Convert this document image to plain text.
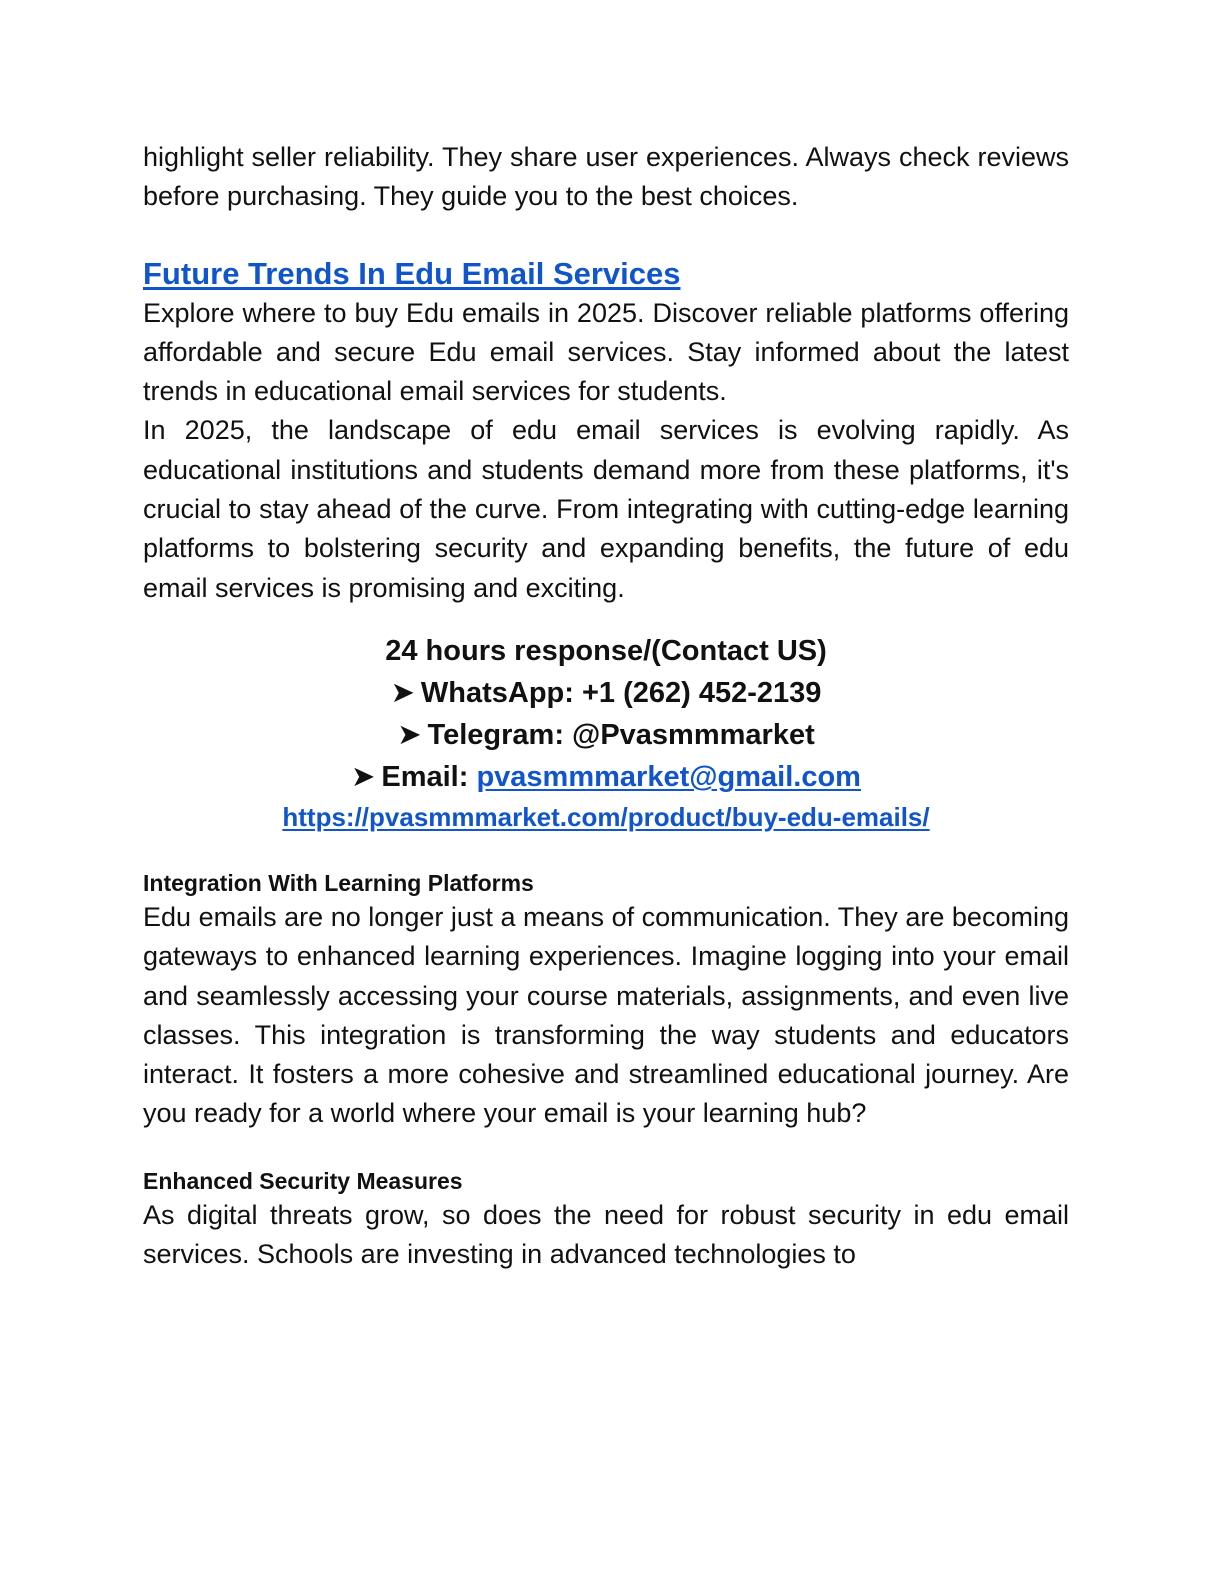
highlight seller reliability. They share user experiences. Always check reviews before purchasing. They guide you to the best choices.

Future Trends In Edu Email Services

Explore where to buy Edu emails in 2025. Discover reliable platforms offering affordable and secure Edu email services. Stay informed about the latest trends in educational email services for students.

In 2025, the landscape of edu email services is evolving rapidly. As educational institutions and students demand more from these platforms, it's crucial to stay ahead of the curve. From integrating with cutting-edge learning platforms to bolstering security and expanding benefits, the future of edu email services is promising and exciting.

24 hours response/(Contact US)
➤ WhatsApp: +1 (262) 452-2139
➤ Telegram: @Pvasmmmarket
➤ Email: pvasmmmarket@gmail.com
https://pvasmmmarket.com/product/buy-edu-emails/
Integration With Learning Platforms

Edu emails are no longer just a means of communication. They are becoming gateways to enhanced learning experiences. Imagine logging into your email and seamlessly accessing your course materials, assignments, and even live classes. This integration is transforming the way students and educators interact. It fosters a more cohesive and streamlined educational journey. Are you ready for a world where your email is your learning hub?

Enhanced Security Measures

As digital threats grow, so does the need for robust security in edu email services. Schools are investing in advanced technologies to
